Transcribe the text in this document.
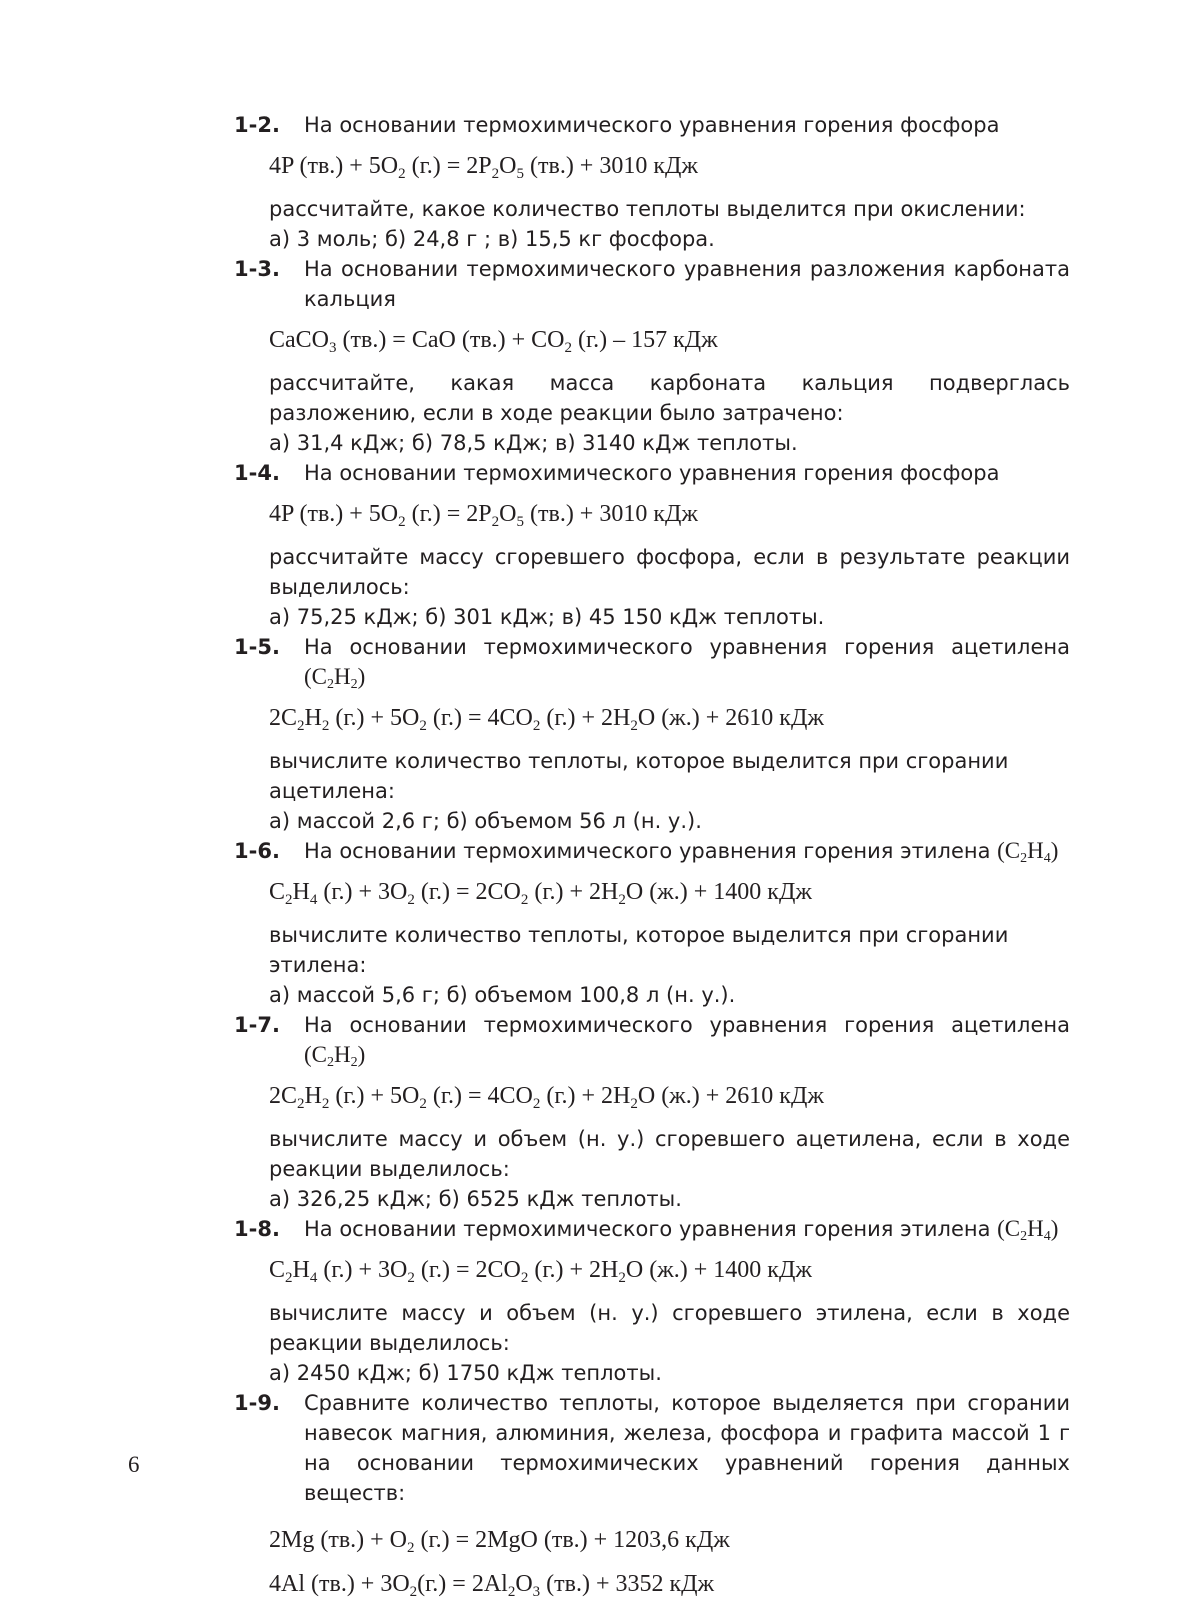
1-2. На основании термохимического уравнения горения фосфора
4P $(тв.) + 5O_2$ $(г.) = 2P_2O_5$ (тв.) + 3010 кДж
рассчитайте, какое количество теплоты выделится при окислении:
а) 3 моль; б) 24,8 г ; в) 15,5 кг фосфора.
1-3. На основании термохимического уравнения разложения карбоната кальция
CaCO$_3$ (тв.) = CaO $(тв.) + CO_2$ (г.) – 157 кДж
рассчитайте, какая масса карбоната кальция подверглась разложению, если в ходе реакции было затрачено:
а) 31,4 кДж; б) 78,5 кДж; в) 3140 кДж теплоты.
1-4. На основании термохимического уравнения горения фосфора
4P $(тв.) + 5O_2$ $(г.) = 2P_2O_5$ (тв.) + 3010 кДж
рассчитайте массу сгоревшего фосфора, если в результате реакции выделилось:
а) 75,25 кДж; б) 301 кДж; в) 45 150 кДж теплоты.
1-5. На основании термохимического уравнения горения ацетилена $(C_2H_2)$
$2C_2H_2$ $(г.) + 5O_2$ $(г.) = 4CO_2$ $(г.) + 2H_2O$ (ж.) + 2610 кДж
вычислите количество теплоты, которое выделится при сгорании ацетилена:
а) массой 2,6 г; б) объемом 56 л (н. у.).
1-6. На основании термохимического уравнения горения этилена $(C_2H_4)$
$C_2H_4$ $(г.) + 3O_2$ $(г.) = 2CO_2$ $(г.) + 2H_2O$ (ж.) + 1400 кДж
вычислите количество теплоты, которое выделится при сгорании этилена:
а) массой 5,6 г; б) объемом 100,8 л (н. у.).
1-7. На основании термохимического уравнения горения ацетилена $(C_2H_2)$
$2C_2H_2$ $(г.) + 5O_2$ $(г.) = 4CO_2$ $(г.) + 2H_2O$ (ж.) + 2610 кДж
вычислите массу и объем (н. у.) сгоревшего ацетилена, если в ходе реакции выделилось:
а) 326,25 кДж; б) 6525 кДж теплоты.
1-8. На основании термохимического уравнения горения этилена $(C_2H_4)$
$C_2H_4$ $(г.) + 3O_2$ $(г.) = 2CO_2$ $(г.) + 2H_2O$ (ж.) + 1400 кДж
вычислите массу и объем (н. у.) сгоревшего этилена, если в ходе реакции выделилось:
а) 2450 кДж; б) 1750 кДж теплоты.
1-9. Сравните количество теплоты, которое выделяется при сгорании навесок магния, алюминия, железа, фосфора и графита массой 1 г на основании термохимических уравнений горения данных веществ:
2Mg $(тв.) + O_2$ (г.) = 2MgO (тв.) + 1203,6 кДж
4Al $(тв.) + 3O_2(г.) = 2Al_2O_3$ (тв.) + 3352 кДж
6
